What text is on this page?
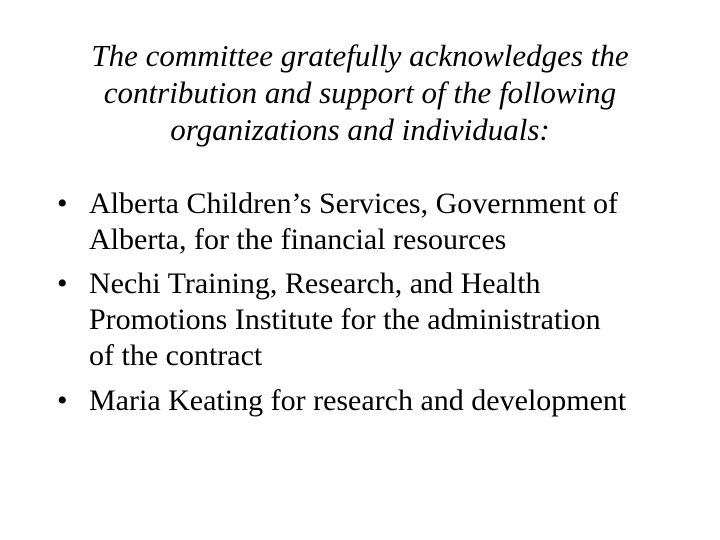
The committee gratefully acknowledges the
contribution and support of the following
organizations and individuals:
• Alberta Children’s Services, Government of
Alberta, for the financial resources
• Nechi Training, Research, and Health
Promotions Institute for the administration
of the contract
• Maria Keating for research and development
